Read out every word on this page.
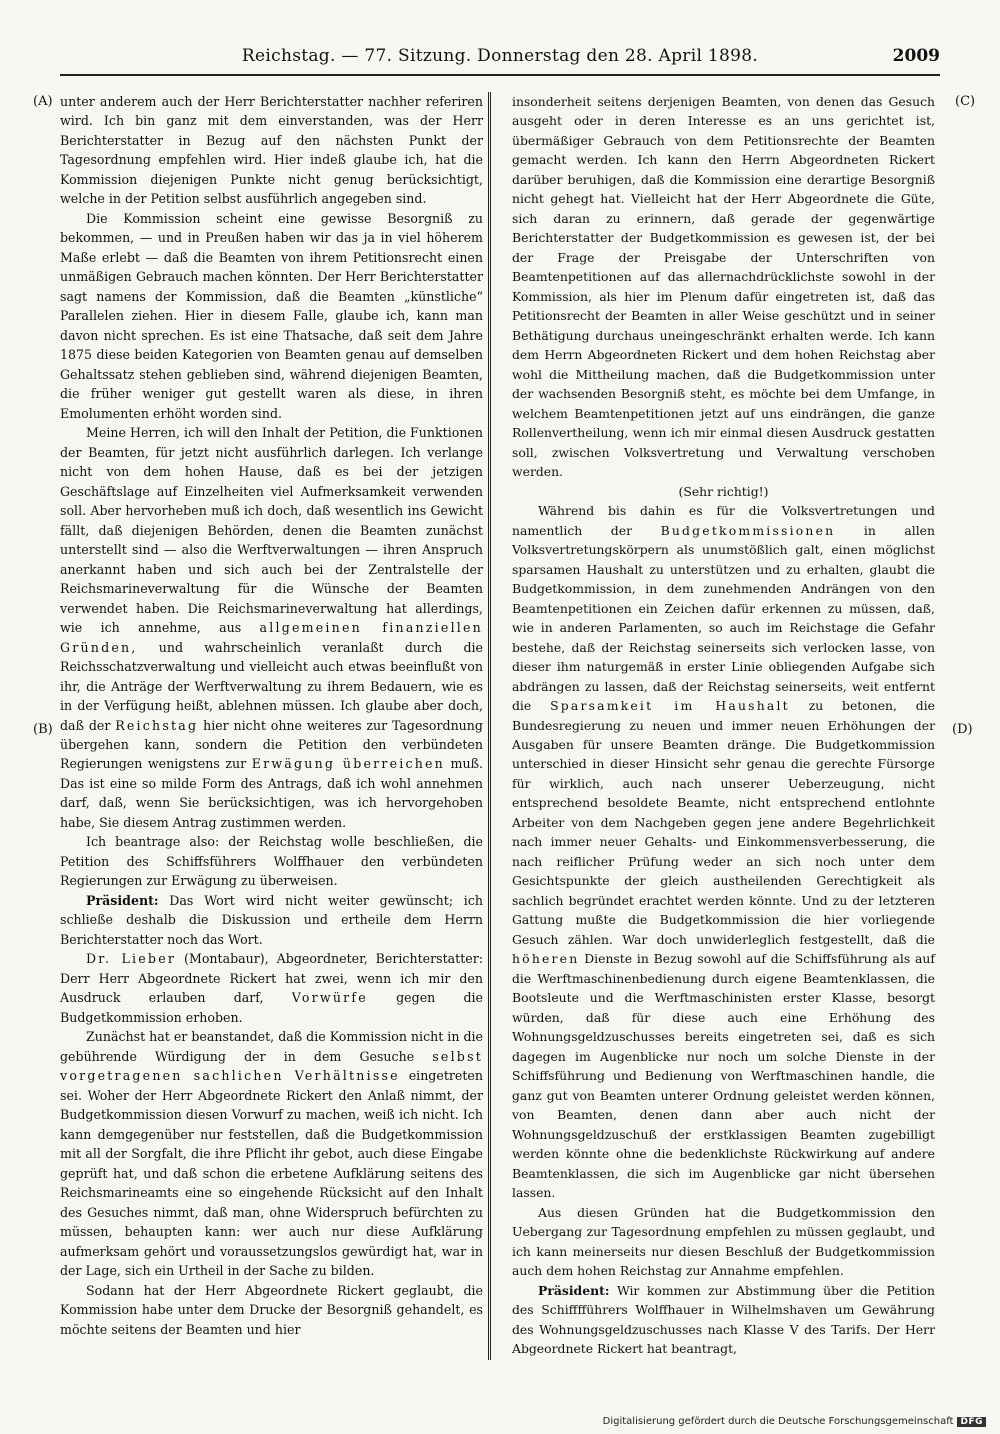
Reichstag. — 77. Sitzung. Donnerstag den 28. April 1898.	2009
(A)
(B)
(C)
(D)

unter anderem auch der Herr Berichterstatter nachher referiren wird. Ich bin ganz mit dem einverstanden, was der Herr Berichterstatter in Bezug auf den nächsten Punkt der Tagesordnung empfehlen wird. Hier indeß glaube ich, hat die Kommission diejenigen Punkte nicht genug berücksichtigt, welche in der Petition selbst ausführlich angegeben sind.

Die Kommission scheint eine gewisse Besorgniß zu bekommen, — und in Preußen haben wir das ja in viel höherem Maße erlebt — daß die Beamten von ihrem Petitionsrecht einen unmäßigen Gebrauch machen könnten. Der Herr Berichterstatter sagt namens der Kommission, daß die Beamten „künstliche“ Parallelen ziehen. Hier in diesem Falle, glaube ich, kann man davon nicht sprechen. Es ist eine Thatsache, daß seit dem Jahre 1875 diese beiden Kategorien von Beamten genau auf demselben Gehaltssatz stehen geblieben sind, während diejenigen Beamten, die früher weniger gut gestellt waren als diese, in ihren Emolumenten erhöht worden sind.

Meine Herren, ich will den Inhalt der Petition, die Funktionen der Beamten, für jetzt nicht ausführlich darlegen. Ich verlange nicht von dem hohen Hause, daß es bei der jetzigen Geschäftslage auf Einzelheiten viel Aufmerksamkeit verwenden soll. Aber hervorheben muß ich doch, daß wesentlich ins Gewicht fällt, daß diejenigen Behörden, denen die Beamten zunächst unterstellt sind — also die Werftverwaltungen — ihren Anspruch anerkannt haben und sich auch bei der Zentralstelle der Reichsmarineverwaltung für die Wünsche der Beamten verwendet haben. Die Reichsmarineverwaltung hat allerdings, wie ich annehme, aus allgemeinen finanziellen Gründen, und wahrscheinlich veranlaßt durch die Reichsschatzverwaltung und vielleicht auch etwas beeinflußt von ihr, die Anträge der Werftverwaltung zu ihrem Bedauern, wie es in der Verfügung heißt, ablehnen müssen. Ich glaube aber doch, daß der Reichstag hier nicht ohne weiteres zur Tagesordnung übergehen kann, sondern die Petition den verbündeten Regierungen wenigstens zur Erwägung überreichen muß. Das ist eine so milde Form des Antrags, daß ich wohl annehmen darf, daß, wenn Sie berücksichtigen, was ich hervorgehoben habe, Sie diesem Antrag zustimmen werden.

Ich beantrage also: der Reichstag wolle beschließen, die Petition des Schiffsführers Wolffhauer den verbündeten Regierungen zur Erwägung zu überweisen.

Präsident: Das Wort wird nicht weiter gewünscht; ich schließe deshalb die Diskussion und ertheile dem Herrn Berichterstatter noch das Wort.

Dr. Lieber (Montabaur), Abgeordneter, Berichterstatter: Derr Herr Abgeordnete Rickert hat zwei, wenn ich mir den Ausdruck erlauben darf, Vorwürfe gegen die Budgetkommission erhoben.

Zunächst hat er beanstandet, daß die Kommission nicht in die gebührende Würdigung der in dem Gesuche selbst vorgetragenen sachlichen Verhältnisse eingetreten sei. Woher der Herr Abgeordnete Rickert den Anlaß nimmt, der Budgetkommission diesen Vorwurf zu machen, weiß ich nicht. Ich kann demgegenüber nur feststellen, daß die Budgetkommission mit all der Sorgfalt, die ihre Pflicht ihr gebot, auch diese Eingabe geprüft hat, und daß schon die erbetene Aufklärung seitens des Reichsmarineamts eine so eingehende Rücksicht auf den Inhalt des Gesuches nimmt, daß man, ohne Widerspruch befürchten zu müssen, behaupten kann: wer auch nur diese Aufklärung aufmerksam gehört und voraussetzungslos gewürdigt hat, war in der Lage, sich ein Urtheil in der Sache zu bilden.

Sodann hat der Herr Abgeordnete Rickert geglaubt, die Kommission habe unter dem Drucke der Besorgniß gehandelt, es möchte seitens der Beamten und hier

insonderheit seitens derjenigen Beamten, von denen das Gesuch ausgeht oder in deren Interesse es an uns gerichtet ist, übermäßiger Gebrauch von dem Petitionsrechte der Beamten gemacht werden. Ich kann den Herrn Abgeordneten Rickert darüber beruhigen, daß die Kommission eine derartige Besorgniß nicht gehegt hat. Vielleicht hat der Herr Abgeordnete die Güte, sich daran zu erinnern, daß gerade der gegenwärtige Berichterstatter der Budgetkommission es gewesen ist, der bei der Frage der Preisgabe der Unterschriften von Beamtenpetitionen auf das allernachdrücklichste sowohl in der Kommission, als hier im Plenum dafür eingetreten ist, daß das Petitionsrecht der Beamten in aller Weise geschützt und in seiner Bethätigung durchaus uneingeschränkt erhalten werde. Ich kann dem Herrn Abgeordneten Rickert und dem hohen Reichstag aber wohl die Mittheilung machen, daß die Budgetkommission unter der wachsenden Besorgniß steht, es möchte bei dem Umfange, in welchem Beamtenpetitionen jetzt auf uns eindrängen, die ganze Rollenvertheilung, wenn ich mir einmal diesen Ausdruck gestatten soll, zwischen Volksvertretung und Verwaltung verschoben werden.

(Sehr richtig!)

Während bis dahin es für die Volksvertretungen und namentlich der Budgetkommissionen in allen Volksvertretungskörpern als unumstößlich galt, einen möglichst sparsamen Haushalt zu unterstützen und zu erhalten, glaubt die Budgetkommission, in dem zunehmenden Andrängen von den Beamtenpetitionen ein Zeichen dafür erkennen zu müssen, daß, wie in anderen Parlamenten, so auch im Reichstage die Gefahr bestehe, daß der Reichstag seinerseits sich verlocken lasse, von dieser ihm naturgemäß in erster Linie obliegenden Aufgabe sich abdrängen zu lassen, daß der Reichstag seinerseits, weit entfernt die Sparsamkeit im Haushalt zu betonen, die Bundesregierung zu neuen und immer neuen Erhöhungen der Ausgaben für unsere Beamten dränge. Die Budgetkommission unterschied in dieser Hinsicht sehr genau die gerechte Fürsorge für wirklich, auch nach unserer Ueberzeugung, nicht entsprechend besoldete Beamte, nicht entsprechend entlohnte Arbeiter von dem Nachgeben gegen jene andere Begehrlichkeit nach immer neuer Gehalts- und Einkommensverbesserung, die nach reiflicher Prüfung weder an sich noch unter dem Gesichtspunkte der gleich austheilenden Gerechtigkeit als sachlich begründet erachtet werden könnte. Und zu der letzteren Gattung mußte die Budgetkommission die hier vorliegende Gesuch zählen. War doch unwiderleglich festgestellt, daß die höheren Dienste in Bezug sowohl auf die Schiffsführung als auf die Werftmaschinenbedienung durch eigene Beamtenklassen, die Bootsleute und die Werftmaschinisten erster Klasse, besorgt würden, daß für diese auch eine Erhöhung des Wohnungsgeldzuschusses bereits eingetreten sei, daß es sich dagegen im Augenblicke nur noch um solche Dienste in der Schiffsführung und Bedienung von Werftmaschinen handle, die ganz gut von Beamten unterer Ordnung geleistet werden können, von Beamten, denen dann aber auch nicht der Wohnungsgeldzuschuß der erstklassigen Beamten zugebilligt werden könnte ohne die bedenklichste Rückwirkung auf andere Beamtenklassen, die sich im Augenblicke gar nicht übersehen lassen.

Aus diesen Gründen hat die Budgetkommission den Uebergang zur Tagesordnung empfehlen zu müssen geglaubt, und ich kann meinerseits nur diesen Beschluß der Budgetkommission auch dem hohen Reichstag zur Annahme empfehlen.

Präsident: Wir kommen zur Abstimmung über die Petition des Schifffführers Wolffhauer in Wilhelmshaven um Gewährung des Wohnungsgeldzuschusses nach Klasse V des Tarifs. Der Herr Abgeordnete Rickert hat beantragt,

Digitalisierung gefördert durch die Deutsche Forschungsgemeinschaft DFG
